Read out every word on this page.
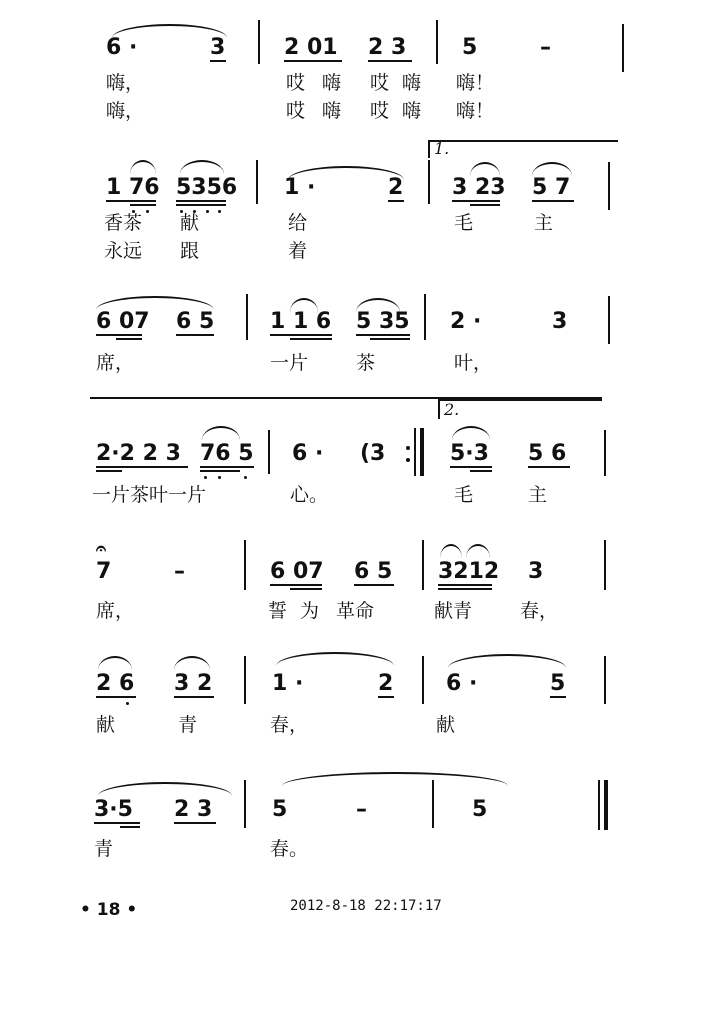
6 ·	3	2 01 2 3	5	–
嗨，	哎 嗨 哎 嗨 嗨！
嗨，	哎 嗨 哎 嗨 嗨！
1.
1 76 5356 1 ·	2 3 23 5 7
香茶 献	给	毛	主
永远 跟	着
6 07 6 5	1 1 6 5 35 2 ·	3
席，	一片	茶	叶，
2.
2·2 2 3 76 5 6 · (3	5·3 5 6
一片茶叶一片	心。	毛	主
𝄐
7	–	6 07 6 5 3212 3
席，	誓 为 革命	献青	春，
2 6 3 2	1 ·	2 6 ·	5
献	青	春，	献
3·5 2 3	5	–	5
青	春。
• 18 •	2012-8-18 22:17:17
